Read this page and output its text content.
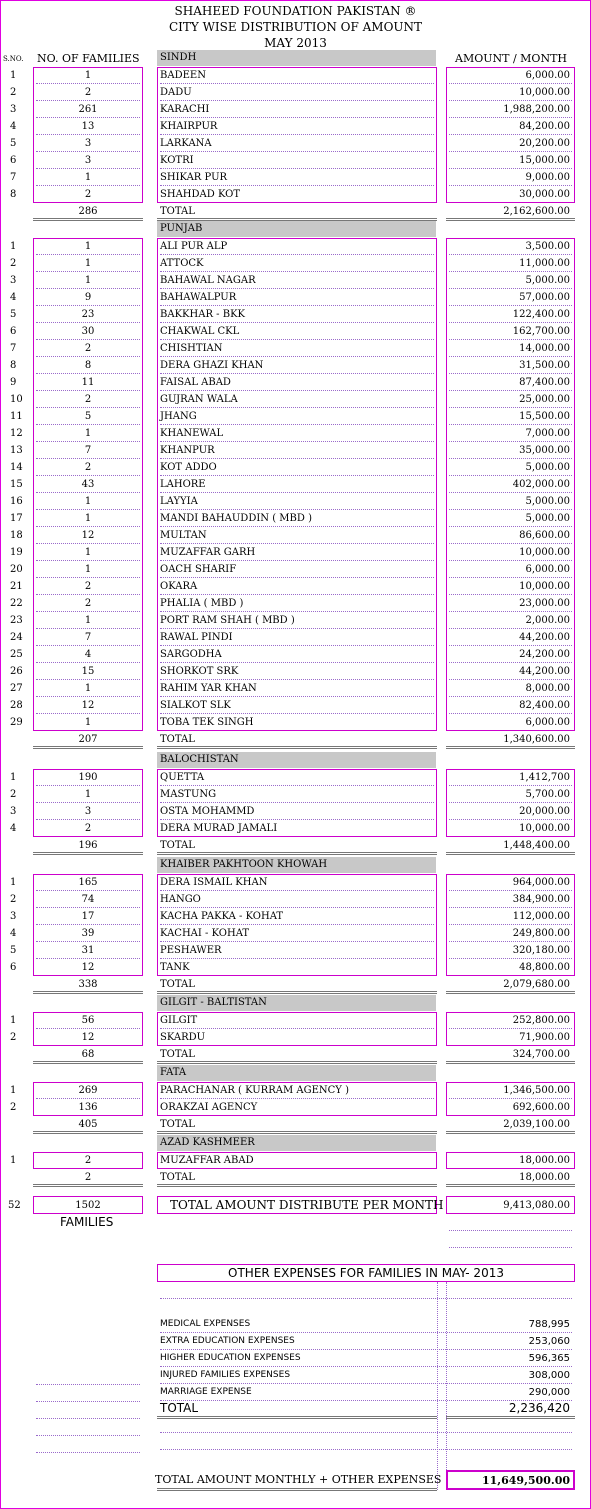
SHAHEED FOUNDATION PAKISTAN ®
CITY WISE DISTRIBUTION OF AMOUNT
MAY 2013
S.NO. NO. OF FAMILIES	AMOUNT / MONTH
SINDH
1	1	BADEEN	6,000.00
2	2	DADU	10,000.00
3	261	KARACHI	1,988,200.00
4	13	KHAIRPUR	84,200.00
5	3	LARKANA	20,200.00
6	3	KOTRI	15,000.00
7	1	SHIKAR PUR	9,000.00
8	2	SHAHDAD KOT	30,000.00
286	TOTAL	2,162,600.00
PUNJAB
1	1	ALI PUR ALP	3,500.00
2	1	ATTOCK	11,000.00
3	1	BAHAWAL NAGAR	5,000.00
4	9	BAHAWALPUR	57,000.00
5	23	BAKKHAR - BKK	122,400.00
6	30	CHAKWAL CKL	162,700.00
7	2	CHISHTIAN	14,000.00
8	8	DERA GHAZI KHAN	31,500.00
9	11	FAISAL ABAD	87,400.00
10	2	GUJRAN WALA	25,000.00
11	5	JHANG	15,500.00
12	1	KHANEWAL	7,000.00
13	7	KHANPUR	35,000.00
14	2	KOT ADDO	5,000.00
15	43	LAHORE	402,000.00
16	1	LAYYIA	5,000.00
17	1	MANDI BAHAUDDIN ( MBD )	5,000.00
18	12	MULTAN	86,600.00
19	1	MUZAFFAR GARH	10,000.00
20	1	OACH SHARIF	6,000.00
21	2	OKARA	10,000.00
22	2	PHALIA ( MBD )	23,000.00
23	1	PORT RAM SHAH ( MBD )	2,000.00
24	7	RAWAL PINDI	44,200.00
25	4	SARGODHA	24,200.00
26	15	SHORKOT SRK	44,200.00
27	1	RAHIM YAR KHAN	8,000.00
28	12	SIALKOT SLK	82,400.00
29	1	TOBA TEK SINGH	6,000.00
207	TOTAL	1,340,600.00
BALOCHISTAN
1	190	QUETTA	1,412,700
2	1	MASTUNG	5,700.00
3	3	OSTA MOHAMMD	20,000.00
4	2	DERA MURAD JAMALI	10,000.00
196	TOTAL	1,448,400.00
KHAIBER PAKHTOON KHOWAH
1	165	DERA ISMAIL KHAN	964,000.00
2	74	HANGO	384,900.00
3	17	KACHA PAKKA - KOHAT	112,000.00
4	39	KACHAI - KOHAT	249,800.00
5	31	PESHAWER	320,180.00
6	12	TANK	48,800.00
338	TOTAL	2,079,680.00
GILGIT - BALTISTAN
1	56	GILGIT	252,800.00
2	12	SKARDU	71,900.00
68	TOTAL	324,700.00
FATA
1	269	PARACHANAR ( KURRAM AGENCY )	1,346,500.00
2	136	ORAKZAI AGENCY	692,600.00
405	TOTAL	2,039,100.00
AZAD KASHMEER
1	2	MUZAFFAR ABAD	18,000.00
2	TOTAL	18,000.00
52	1502	TOTAL AMOUNT DISTRIBUTE PER MONTH	9,413,080.00
FAMILIES
OTHER EXPENSES FOR FAMILIES IN MAY- 2013
MEDICAL EXPENSES	788,995
EXTRA EDUCATION EXPENSES	253,060
HIGHER EDUCATION EXPENSES	596,365
INJURED FAMILIES EXPENSES	308,000
MARRIAGE EXPENSE	290,000
TOTAL	2,236,420
TOTAL AMOUNT MONTHLY + OTHER EXPENSES	11,649,500.00
